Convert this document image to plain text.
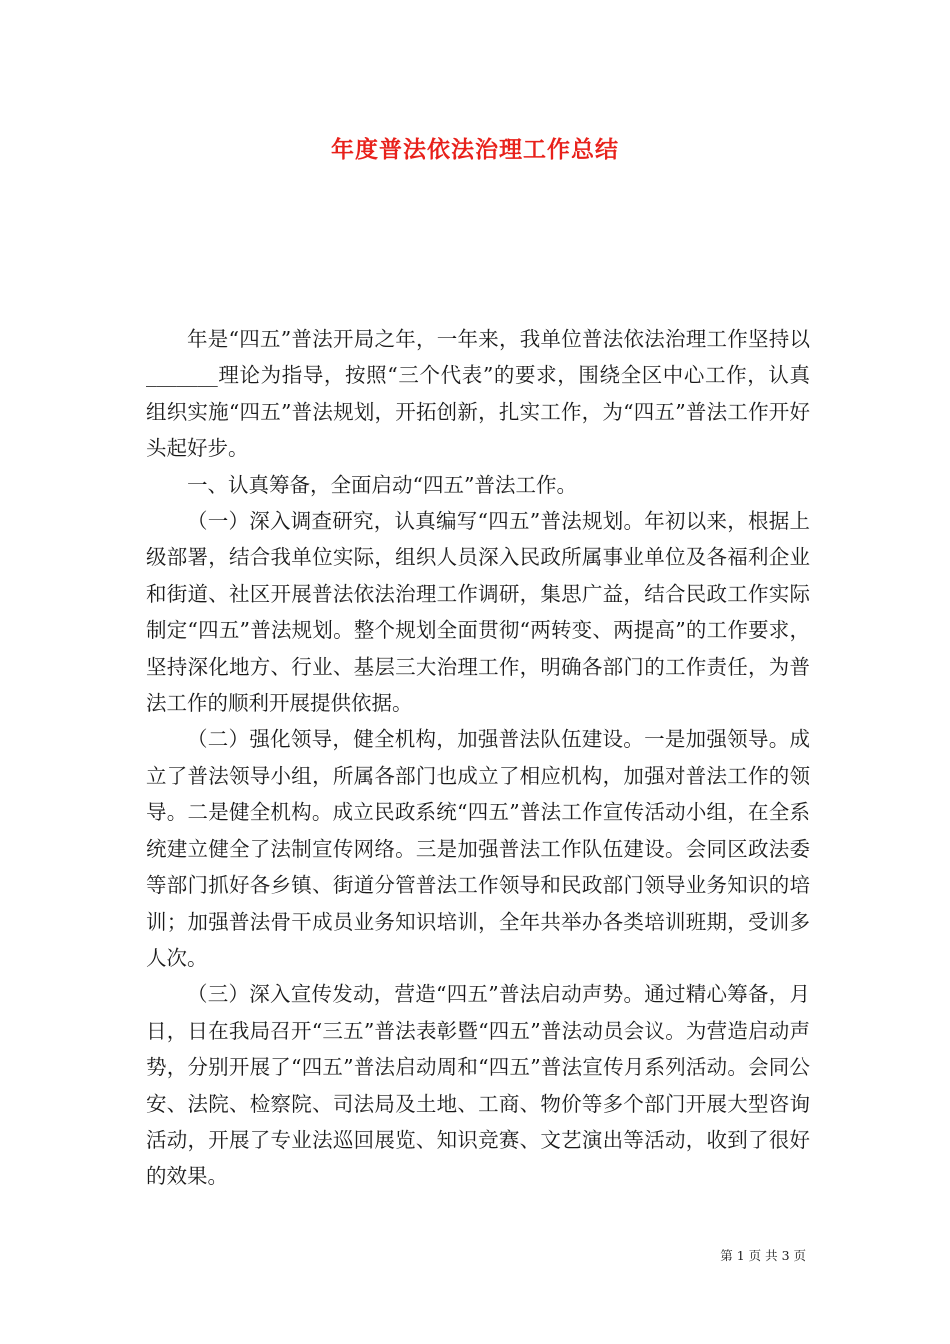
年度普法依法治理工作总结

年是“四五”普法开局之年，一年来，我单位普法依法治理工作坚持以_______理论为指导，按照“三个代表”的要求，围绕全区中心工作，认真组织实施“四五”普法规划，开拓创新，扎实工作，为“四五”普法工作开好头起好步。

一、认真筹备，全面启动“四五”普法工作。

（一）深入调查研究，认真编写“四五”普法规划。年初以来，根据上级部署，结合我单位实际，组织人员深入民政所属事业单位及各福利企业和街道、社区开展普法依法治理工作调研，集思广益，结合民政工作实际制定“四五”普法规划。整个规划全面贯彻“两转变、两提高”的工作要求，坚持深化地方、行业、基层三大治理工作，明确各部门的工作责任，为普法工作的顺利开展提供依据。

（二）强化领导，健全机构，加强普法队伍建设。一是加强领导。成立了普法领导小组，所属各部门也成立了相应机构，加强对普法工作的领导。二是健全机构。成立民政系统“四五”普法工作宣传活动小组，在全系统建立健全了法制宣传网络。三是加强普法工作队伍建设。会同区政法委等部门抓好各乡镇、街道分管普法工作领导和民政部门领导业务知识的培训；加强普法骨干成员业务知识培训，全年共举办各类培训班期，受训多人次。

（三）深入宣传发动，营造“四五”普法启动声势。通过精心筹备，月日，日在我局召开“三五”普法表彰暨“四五”普法动员会议。为营造启动声势，分别开展了“四五”普法启动周和“四五”普法宣传月系列活动。会同公安、法院、检察院、司法局及土地、工商、物价等多个部门开展大型咨询活动，开展了专业法巡回展览、知识竞赛、文艺演出等活动，收到了很好的效果。

第 1 页 共 3 页
